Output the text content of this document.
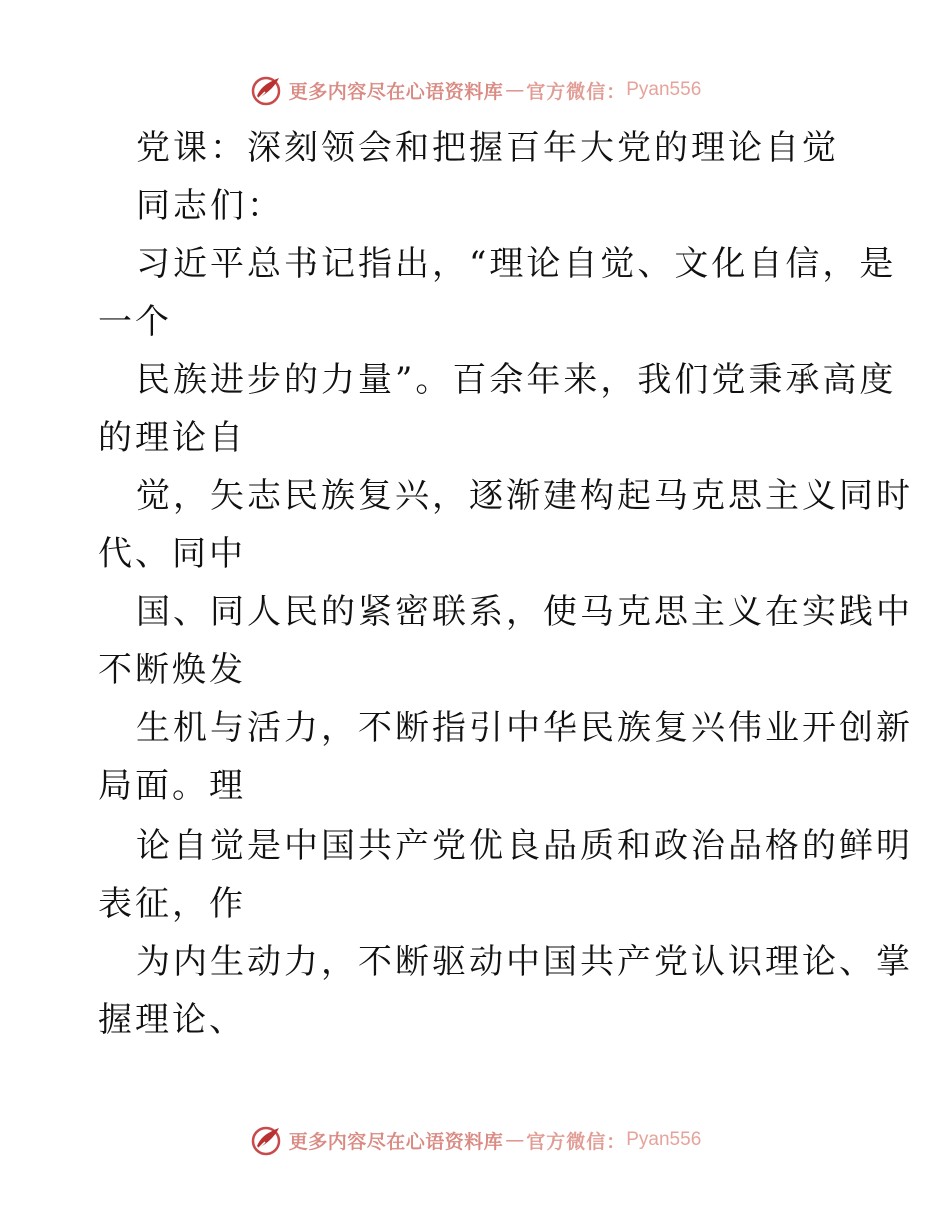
更多内容尽在心语资料库 — 官方微信： Pyan556
党课：深刻领会和把握百年大党的理论自觉
同志们：
习近平总书记指出，“理论自觉、文化自信，是
一个
民族进步的力量”。百余年来，我们党秉承高度
的理论自
觉，矢志民族复兴，逐渐建构起马克思主义同时
代、同中
国、同人民的紧密联系，使马克思主义在实践中
不断焕发
生机与活力，不断指引中华民族复兴伟业开创新
局面。理
论自觉是中国共产党优良品质和政治品格的鲜明
表征，作
为内生动力，不断驱动中国共产党认识理论、掌
握理论、
更多内容尽在心语资料库 — 官方微信： Pyan556
